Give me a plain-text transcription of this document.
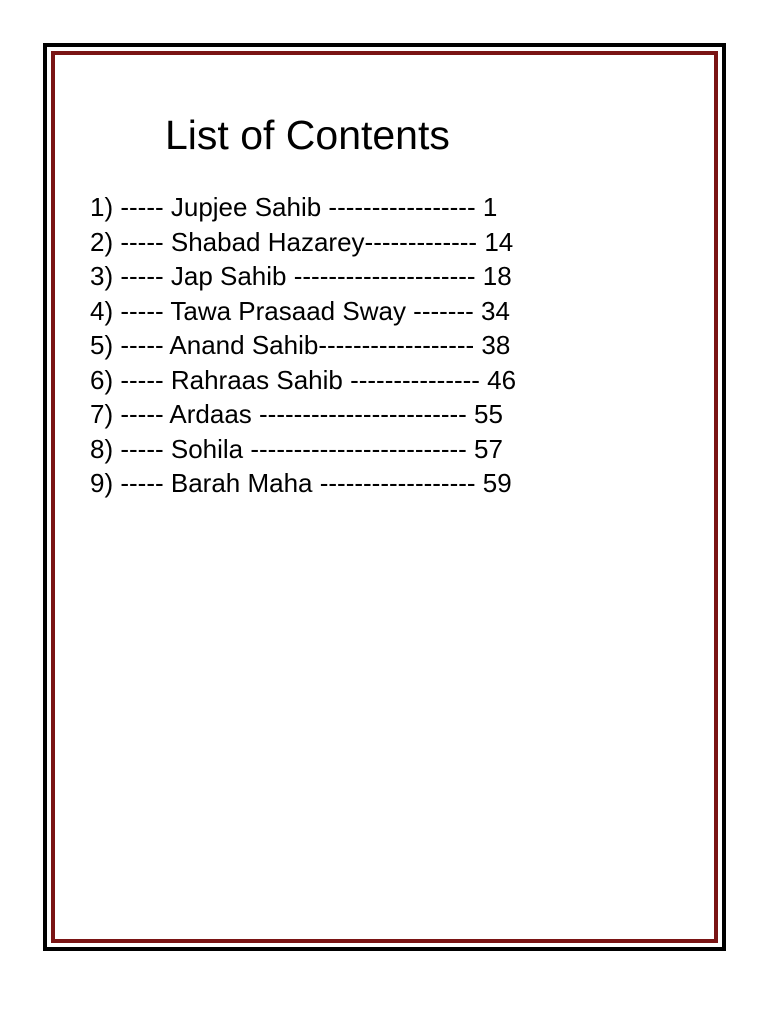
List of Contents
1) ----- Jupjee Sahib ----------------- 1
2) ----- Shabad Hazarey------------- 14
3) ----- Jap Sahib --------------------- 18
4) ----- Tawa Prasaad Sway ------- 34
5) ----- Anand Sahib------------------ 38
6) ----- Rahraas Sahib --------------- 46
7) ----- Ardaas ------------------------ 55
8) ----- Sohila ------------------------- 57
9) ----- Barah Maha ------------------ 59
